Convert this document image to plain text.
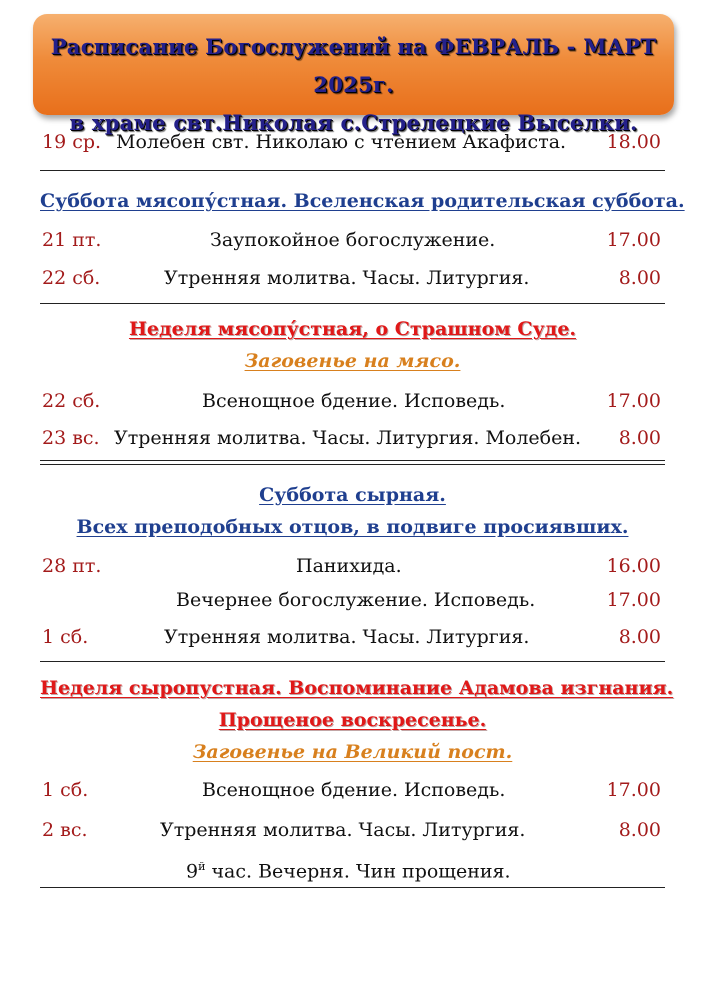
Расписание Богослужений на ФЕВРАЛЬ - МАРТ 2025г.
в храме свт.Николая с.Стрелецкие Выселки.
19 ср. Молебен свт. Николаю с чтением Акафиста. 18.00
Суббота мясопу́стная. Вселенская родительская суббота.
21 пт.	Заупокойное богослужение.	17.00
22 сб.	Утренняя молитва. Часы. Литургия.	8.00
Неделя мясопу́стная, о Страшном Суде.
Заговенье на мясо.
22 сб.	Всенощное бдение. Исповедь.	17.00
23 вс. Утренняя молитва. Часы. Литургия. Молебен. 8.00
Суббота сырная.
Всех преподобных отцов, в подвиге просиявших.
28 пт.	Панихида.	16.00
Вечернее богослужение. Исповедь.	17.00
1 сб.	Утренняя молитва. Часы. Литургия.	8.00
Неделя сыропустная. Воспоминание Адамова изгнания.
Прощеное воскресенье.
Заговенье на Великий пост.
1 сб.	Всенощное бдение. Исповедь.	17.00
2 вс.	Утренняя молитва. Часы. Литургия.	8.00
$9^й$ час. Вечерня. Чин прощения.
